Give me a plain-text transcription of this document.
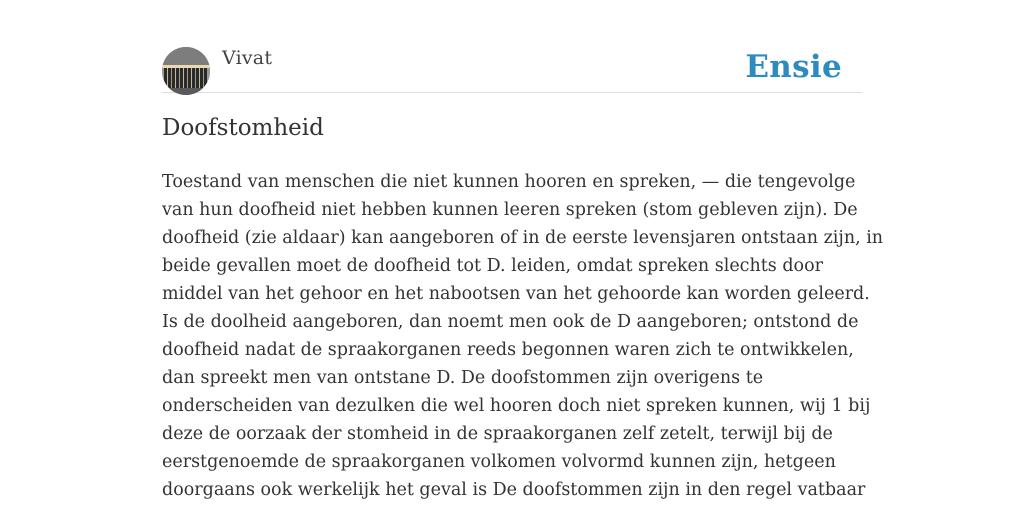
Vivat	Ensie
Doofstomheid
Toestand van menschen die niet kunnen hooren en spreken, — die tengevolge
van hun doofheid niet hebben kunnen leeren spreken (stom gebleven zijn). De
doofheid (zie aldaar) kan aangeboren of in de eerste levensjaren ontstaan zijn, in
beide gevallen moet de doofheid tot D. leiden, omdat spreken slechts door
middel van het gehoor en het nabootsen van het gehoorde kan worden geleerd.
Is de doolheid aangeboren, dan noemt men ook de D aangeboren; ontstond de
doofheid nadat de spraakorganen reeds begonnen waren zich te ontwikkelen,
dan spreekt men van ontstane D. De doofstommen zijn overigens te
onderscheiden van dezulken die wel hooren doch niet spreken kunnen, wij 1 bij
deze de oorzaak der stomheid in de spraakorganen zelf zetelt, terwijl bij de
eerstgenoemde de spraakorganen volkomen volvormd kunnen zijn, hetgeen
doorgaans ook werkelijk het geval is De doofstommen zijn in den regel vatbaar
